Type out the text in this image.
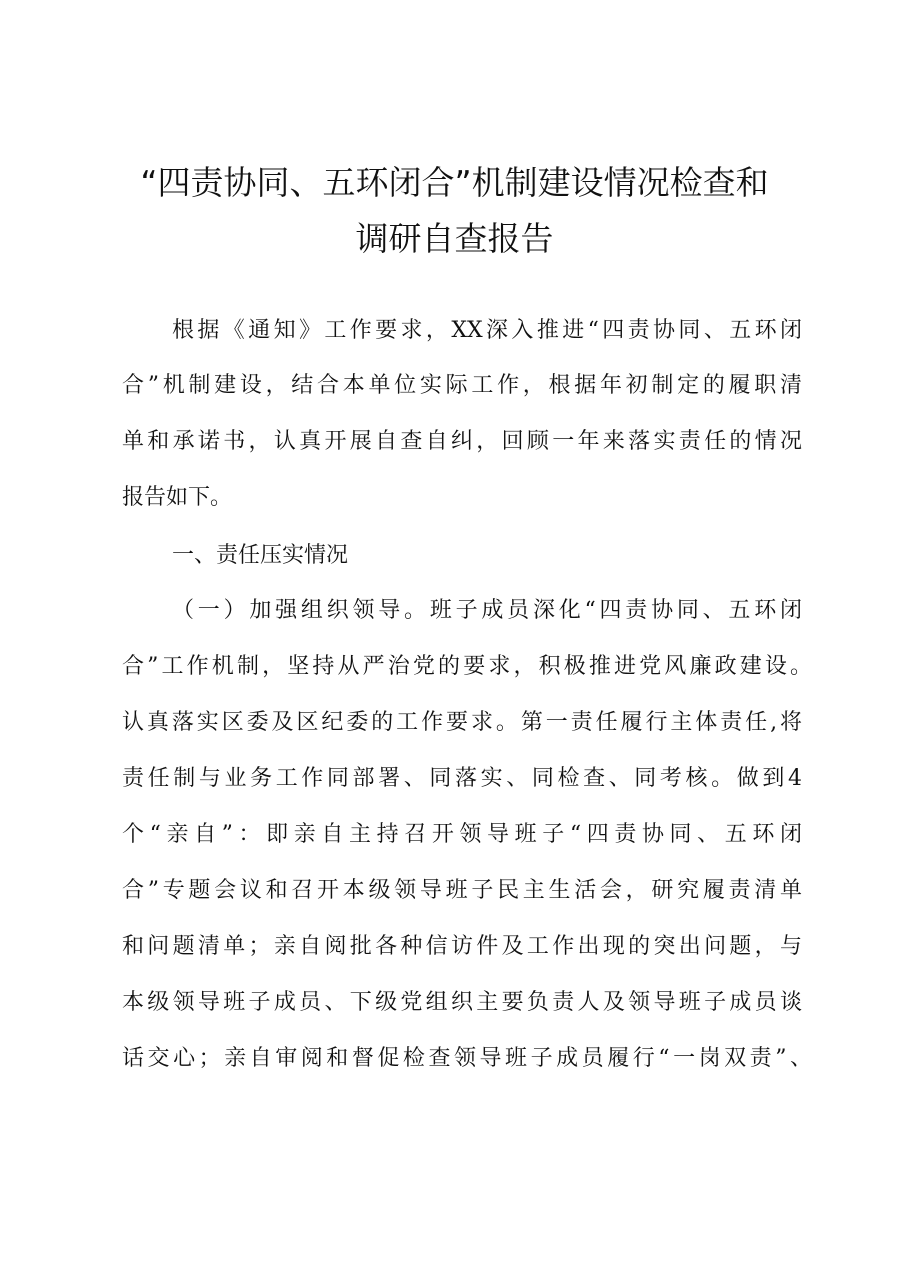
“四责协同、五环闭合”机制建设情况检查和
调研自查报告
根据《通知》工作要求，XX深入推进“四责协同、五环闭
合”机制建设，结合本单位实际工作，根据年初制定的履职清
单和承诺书，认真开展自查自纠，回顾一年来落实责任的情况
报告如下。
一、责任压实情况
（一）加强组织领导。班子成员深化“四责协同、五环闭
合”工作机制，坚持从严治党的要求，积极推进党风廉政建设。
认真落实区委及区纪委的工作要求。第一责任履行主体责任,将
责任制与业务工作同部署、同落实、同检查、同考核。做到4
个“亲自”：即亲自主持召开领导班子“四责协同、五环闭
合”专题会议和召开本级领导班子民主生活会，研究履责清单
和问题清单；亲自阅批各种信访件及工作出现的突出问题，与
本级领导班子成员、下级党组织主要负责人及领导班子成员谈
话交心；亲自审阅和督促检查领导班子成员履行“一岗双责”、
